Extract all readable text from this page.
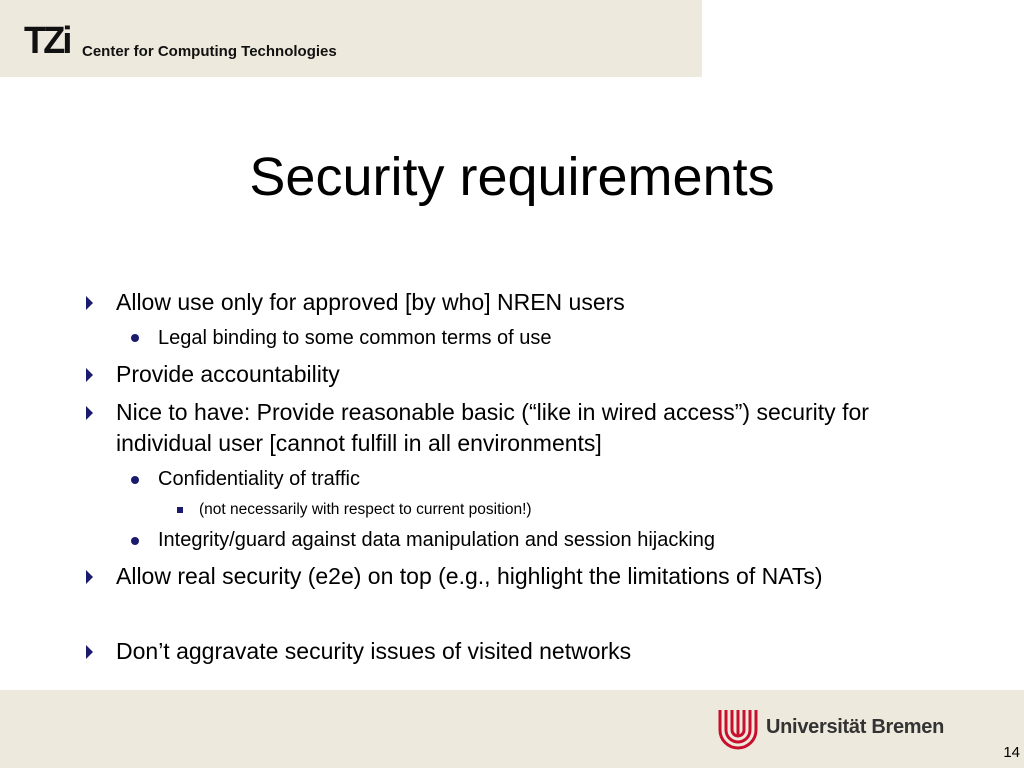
TZi Center for Computing Technologies
Security requirements
Allow use only for approved [by who] NREN users
Legal binding to some common terms of use
Provide accountability
Nice to have: Provide reasonable basic (“like in wired access”) security for individual user [cannot fulfill in all environments]
Confidentiality of traffic
(not necessarily with respect to current position!)
Integrity/guard against data manipulation and session hijacking
Allow real security (e2e) on top (e.g., highlight the limitations of NATs)
Don’t aggravate security issues of visited networks
Universität Bremen
14
